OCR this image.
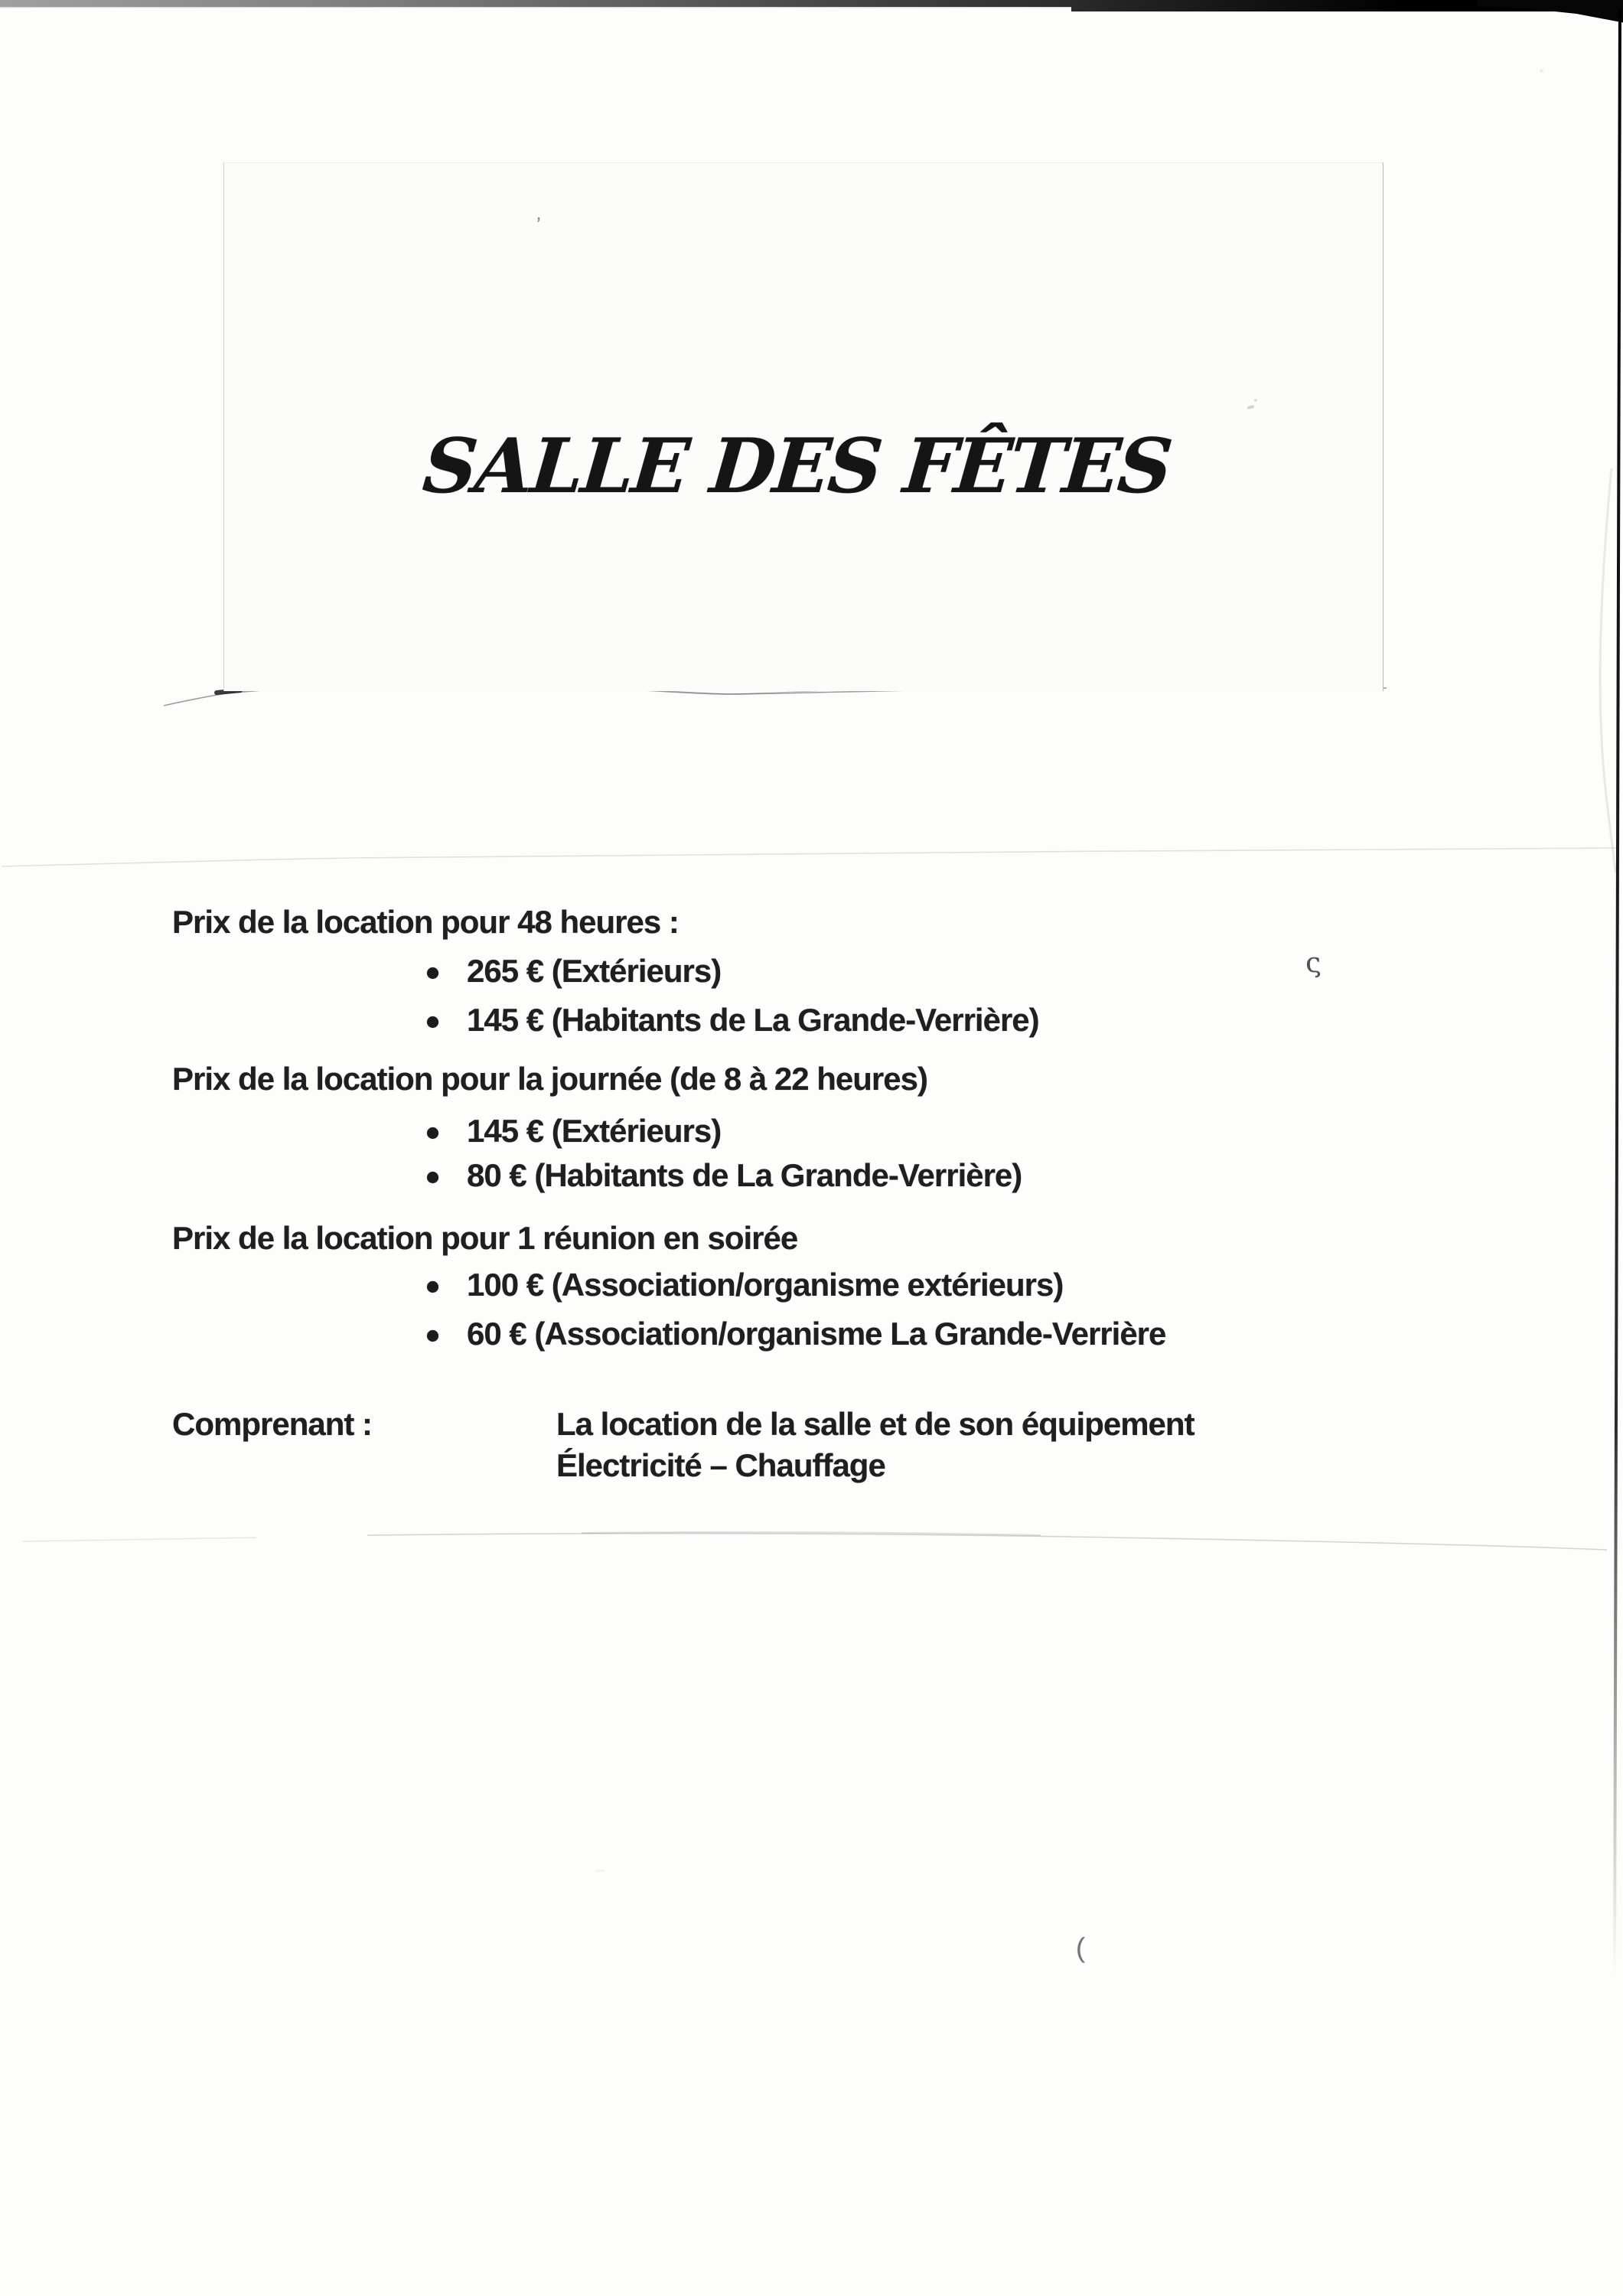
SALLE DES FÊTES
’
ς
(
Prix de la location pour 48 heures :
265 € (Extérieurs)
145 € (Habitants de La Grande-Verrière)
Prix de la location pour la journée (de 8 à 22 heures)
145 € (Extérieurs)
80 € (Habitants de La Grande-Verrière)
Prix de la location pour 1 réunion en soirée
100 € (Association/organisme extérieurs)
60 € (Association/organisme La Grande-Verrière
Comprenant :	La location de la salle et de son équipement
Électricité – Chauffage
